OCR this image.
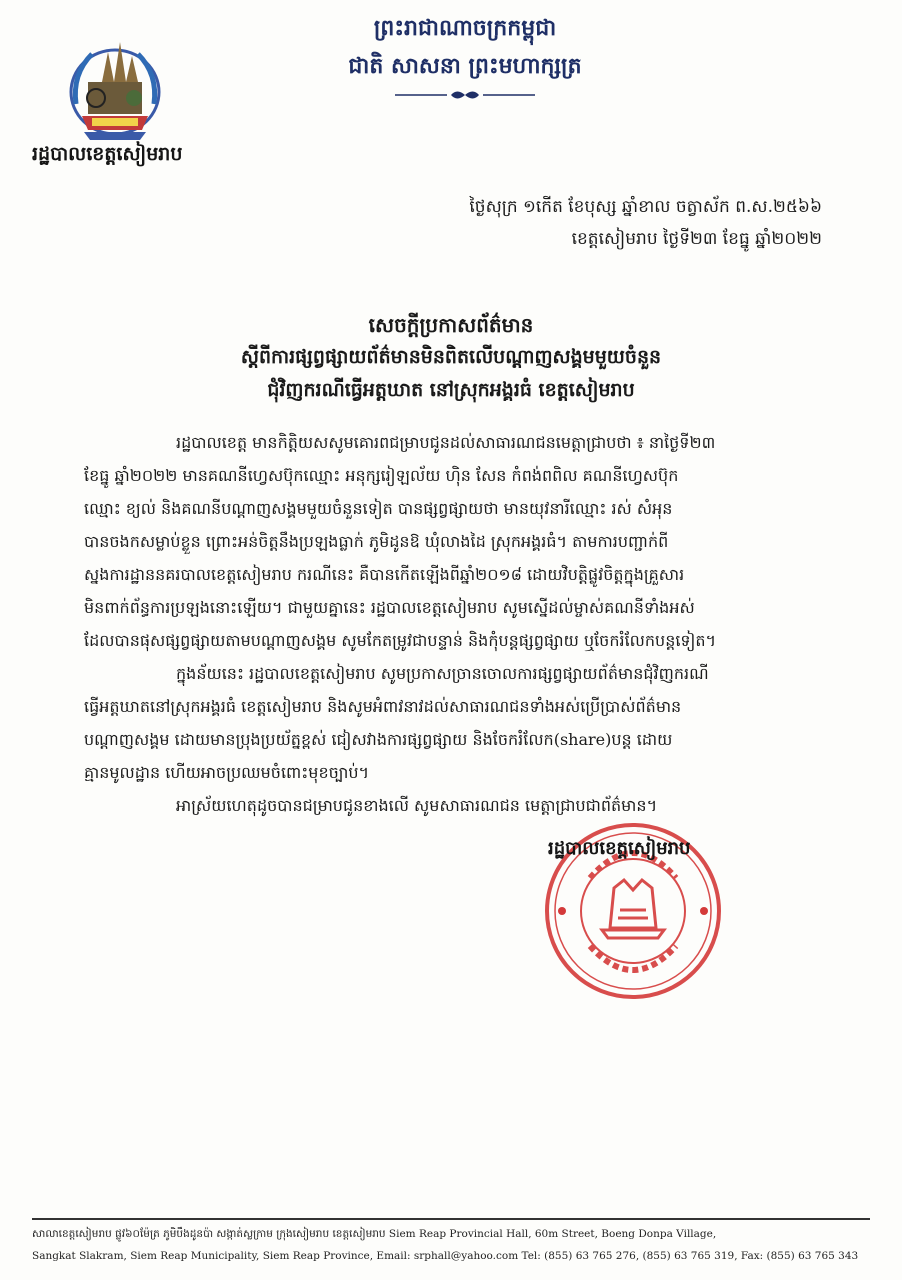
រដ្ឋបាលខេត្តសៀមរាប
ព្រះរាជាណាចក្រកម្ពុជា
ជាតិ សាសនា ព្រះមហាក្សត្រ
ថ្ងៃសុក្រ ១កើត ខែបុស្ស ឆ្នាំខាល ចត្វាស័ក ព.ស.២៥៦៦
ខេត្តសៀមរាប ថ្ងៃទី២៣ ខែធ្នូ ឆ្នាំ២០២២
សេចក្តីប្រកាសព័ត៌មាន
ស្តីពីការផ្សព្វផ្សាយព័ត៌មានមិនពិតលើបណ្តាញសង្គមមួយចំនួន
ជុំវិញករណីធ្វើអត្តឃាត នៅស្រុកអង្គរធំ ខេត្តសៀមរាប
រដ្ឋបាលខេត្ត មានកិត្តិយសសូមគោរពជម្រាបជូនដល់សាធារណជនមេត្តាជ្រាបថា ៖ នាថ្ងៃទី២៣
ខែធ្នូ ឆ្នាំ២០២២ មានគណនីហ្វេសប៊ុកឈ្មោះ អនុក្សរៀឡល័យ ហ៊ិន សែន កំពង់ពពិល គណនីហ្វេសប៊ុក
ឈ្មោះ ខ្យល់ និងគណនីបណ្តាញសង្គមមួយចំនួនទៀត បានផ្សព្វផ្សាយថា មានយុវនារីឈ្មោះ រស់ សំអុន
បានចងកសម្លាប់ខ្លួន ព្រោះអន់ចិត្តនឹងប្រឡងធ្លាក់ ភូមិដូនឱ ឃុំលាងដៃ ស្រុកអង្គរធំ។ តាមការបញ្ជាក់ពី
ស្នងការដ្ឋាននគរបាលខេត្តសៀមរាប ករណីនេះ គឺបានកើតឡើងពីឆ្នាំ២០១៨ ដោយវិបត្តិផ្លូវចិត្តក្នុងគ្រួសារ
មិនពាក់ព័ន្ធការប្រឡងនោះឡើយ។ ជាមួយគ្នានេះ រដ្ឋបាលខេត្តសៀមរាប សូមស្នើដល់ម្ចាស់គណនីទាំងអស់
ដែលបានផុសផ្សព្វផ្សាយតាមបណ្តាញសង្គម សូមកែតម្រូវជាបន្ទាន់ និងកុំបន្តផ្សព្វផ្សាយ ឬចែករំលែកបន្តទៀត។
ក្នុងន័យនេះ រដ្ឋបាលខេត្តសៀមរាប សូមប្រកាសច្រានចោលការផ្សព្វផ្សាយព័ត៌មានជុំវិញករណី
ធ្វើអត្តឃាតនៅស្រុកអង្គរធំ ខេត្តសៀមរាប និងសូមអំពាវនាវដល់សាធារណជនទាំងអស់ប្រើប្រាស់ព័ត៌មាន
បណ្តាញសង្គម ដោយមានប្រុងប្រយ័ត្នខ្ពស់ ជៀសវាងការផ្សព្វផ្សាយ និងចែករំលែក(share)បន្ត ដោយ
គ្មានមូលដ្ឋាន ហើយអាចប្រឈមចំពោះមុខច្បាប់។
អាស្រ័យហេតុដូចបានជម្រាបជូនខាងលើ សូមសាធារណជន មេត្តាជ្រាបជាព័ត៌មាន។
រដ្ឋបាលខេត្តសៀមរាប
សាលាខេត្តសៀមរាប ផ្លូវ៦០ម៉ែត្រ ភូមិបឹងដូនប៉ា សង្កាត់ស្លក្រាម ក្រុងសៀមរាប ខេត្តសៀមរាប Siem Reap Provincial Hall, 60m Street, Boeng Donpa Village,
Sangkat Slakram, Siem Reap Municipality, Siem Reap Province, Email: srphall@yahoo.com Tel: (855) 63 765 276, (855) 63 765 319, Fax: (855) 63 765 343
